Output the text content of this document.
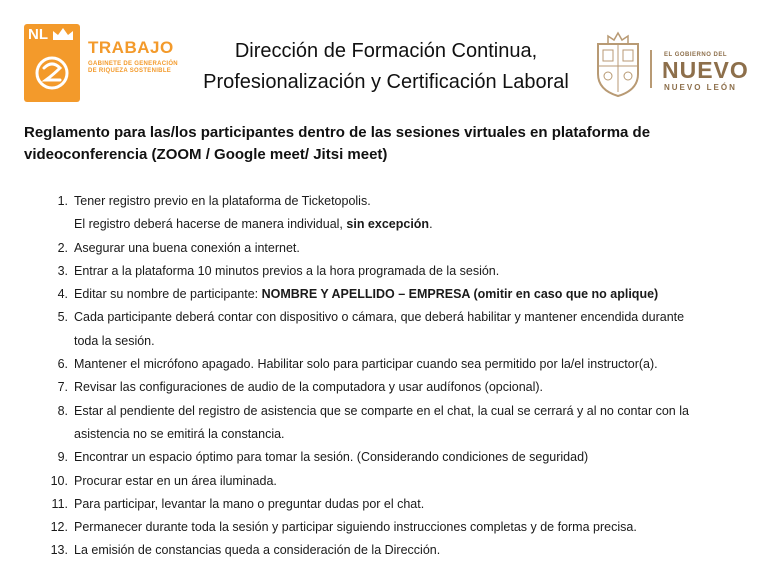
NL
TRABAJO
GABINETE DE GENERACIÓN DE RIQUEZA SOSTENIBLE
Dirección de Formación Continua,
Profesionalización y Certificación Laboral
EL GOBIERNO DEL
NUEVO
NUEVO LEÓN
Reglamento para las/los participantes dentro de las sesiones virtuales en plataforma de
videoconferencia (ZOOM / Google meet/ Jitsi meet)
1. Tener registro previo en la plataforma de Ticketopolis.
El registro deberá hacerse de manera individual, sin excepción.
2. Asegurar una buena conexión a internet.
3. Entrar a la plataforma 10 minutos previos a la hora programada de la sesión.
4. Editar su nombre de participante: NOMBRE Y APELLIDO – EMPRESA (omitir en caso que no aplique)
5. Cada participante deberá contar con dispositivo o cámara, que deberá habilitar y mantener encendida durante
toda la sesión.
6. Mantener el micrófono apagado. Habilitar solo para participar cuando sea permitido por la/el instructor(a).
7. Revisar las configuraciones de audio de la computadora y usar audífonos (opcional).
8. Estar al pendiente del registro de asistencia que se comparte en el chat, la cual se cerrará y al no contar con la
asistencia no se emitirá la constancia.
9. Encontrar un espacio óptimo para tomar la sesión. (Considerando condiciones de seguridad)
10. Procurar estar en un área iluminada.
11. Para participar, levantar la mano o preguntar dudas por el chat.
12. Permanecer durante toda la sesión y participar siguiendo instrucciones completas y de forma precisa.
13. La emisión de constancias queda a consideración de la Dirección.
